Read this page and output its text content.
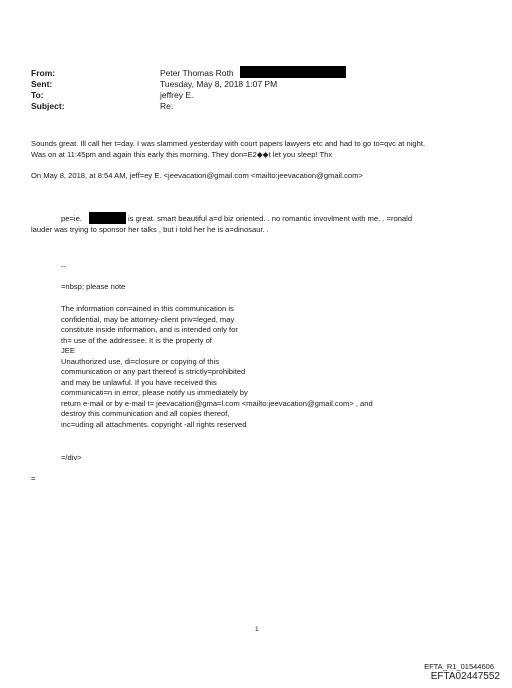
From:	Peter Thomas Roth
Sent:	Tuesday, May 8, 2018 1:07 PM
To:	jeffrey E.
Subject:	Re:
Sounds great. Ill call her t=day. I was slammed yesterday with court papers lawyers etc and had to go to=qvc at night.
Was on at 11:45pm and again this early this morning. They don=E2◆◆t let you sleep! Thx
On May 8, 2018, at 8:54 AM, jeff=ey E. <jeevacation@gmail.com <mailto:jeevacation@gmail.com>
pe=ie.	is great. smart beautiful a=d biz oriented. . no romantic invovlment with me. . =ronald
lauder was trying to sponsor her talks , but i told her he is a=dinosaur. .
--
=nbsp; please note
The information con=ained in this communication is
confidential, may be attorney-client priv=leged, may
constitute inside information, and is intended only for
th= use of the addressee. It is the property of
JEE
Unauthorized use, di=closure or copying of this
communication or any part thereof is strictly=prohibited
and may be unlawful. If you have received this
communicati=n in error, please notify us immediately by
return e-mail or by e-mail t= jeevacation@gma=l.com <mailto:jeevacation@gmail.com> , and
destroy this communication and all copies thereof,
inc=uding all attachments. copyright -all rights reserved
=/div>
=
1
EFTA_R1_01544606
EFTA02447552
